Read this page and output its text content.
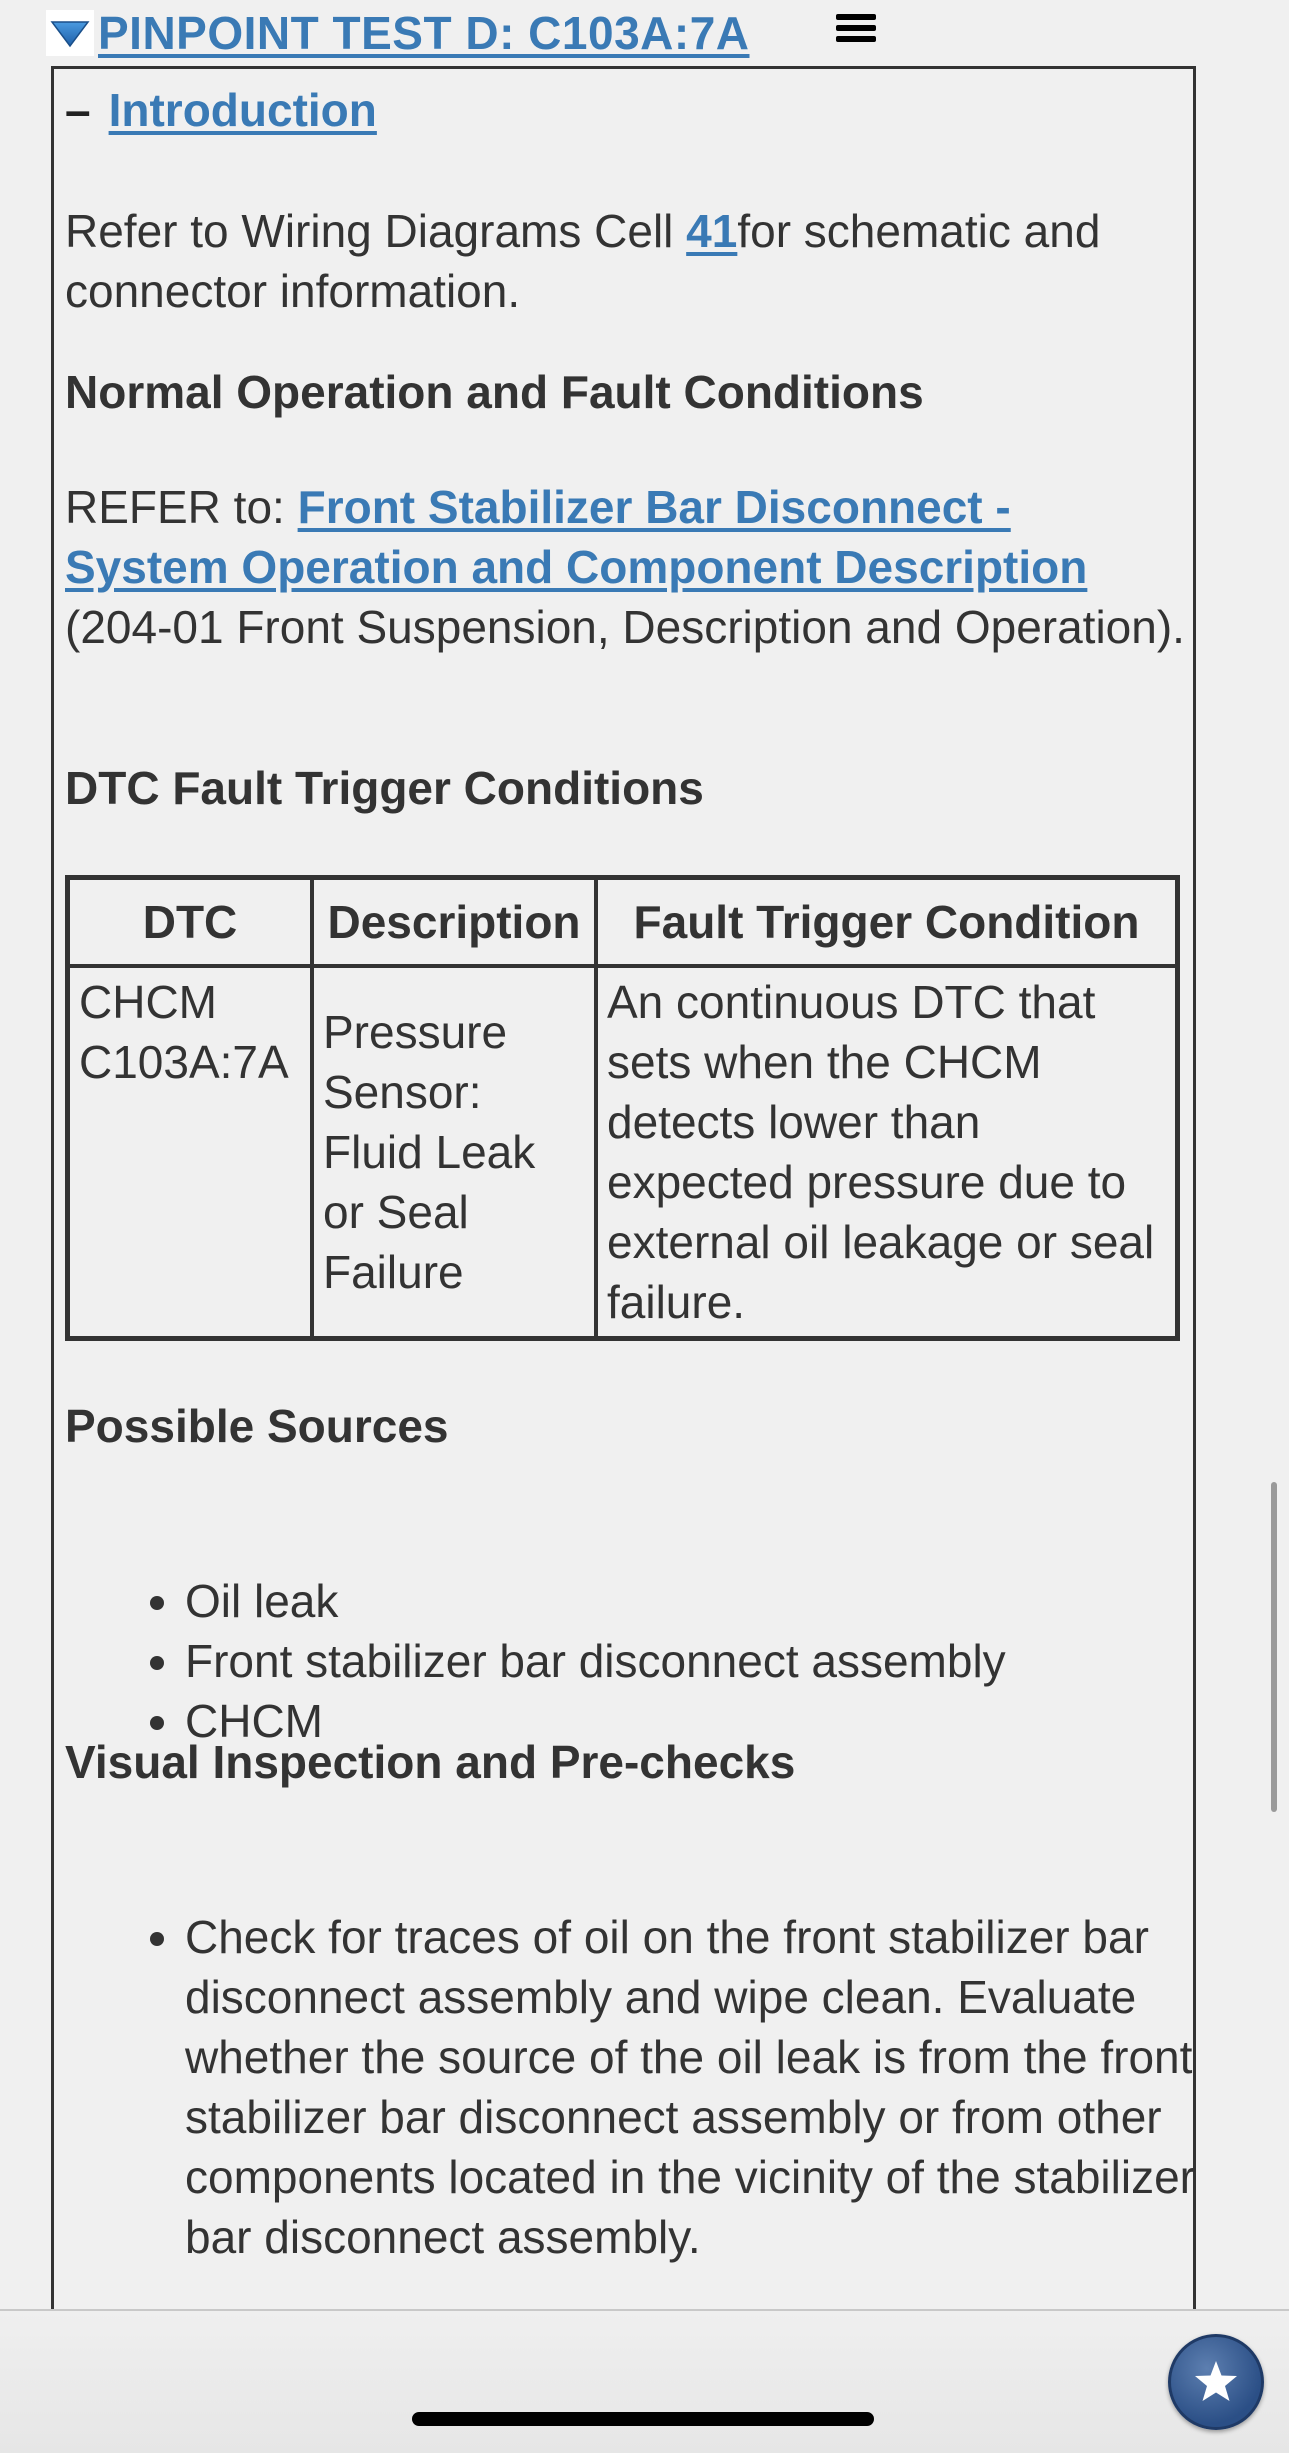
PINPOINT TEST D: C103A:7A
– Introduction
Refer to Wiring Diagrams Cell 41for schematic and connector information.
Normal Operation and Fault Conditions
REFER to: Front Stabilizer Bar Disconnect - System Operation and Component Description
(204-01 Front Suspension, Description and Operation).
DTC Fault Trigger Conditions
DTC	Description	Fault Trigger Condition

CHCM
C103A:7A	Pressure Sensor: Fluid Leak or Seal Failure	An continuous DTC that sets when the CHCM detects lower than expected pressure due to external oil leakage or seal failure.
Possible Sources
• Oil leak
• Front stabilizer bar disconnect assembly
• CHCM
Visual Inspection and Pre-checks
• Check for traces of oil on the front stabilizer bar disconnect assembly and wipe clean. Evaluate whether the source of the oil leak is from the front stabilizer bar disconnect assembly or from other components located in the vicinity of the stabilizer bar disconnect assembly.
